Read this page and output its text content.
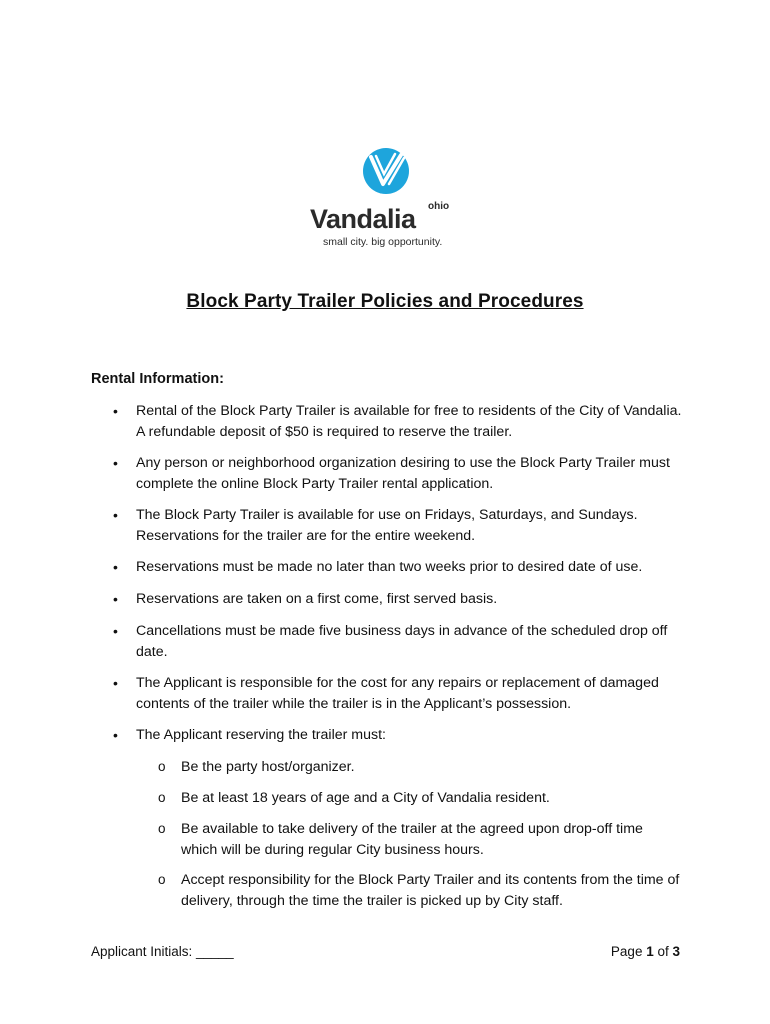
ohio
Vandalia
small city. big opportunity.
Block Party Trailer Policies and Procedures
Rental Information:
• Rental of the Block Party Trailer is available for free to residents of the City of Vandalia.
A refundable deposit of $50 is required to reserve the trailer.
• Any person or neighborhood organization desiring to use the Block Party Trailer must
complete the online Block Party Trailer rental application.
• The Block Party Trailer is available for use on Fridays, Saturdays, and Sundays.
Reservations for the trailer are for the entire weekend.
• Reservations must be made no later than two weeks prior to desired date of use.
• Reservations are taken on a first come, first served basis.
• Cancellations must be made five business days in advance of the scheduled drop off
date.
• The Applicant is responsible for the cost for any repairs or replacement of damaged
contents of the trailer while the trailer is in the Applicant’s possession.
• The Applicant reserving the trailer must:
o Be the party host/organizer.
o Be at least 18 years of age and a City of Vandalia resident.
o Be available to take delivery of the trailer at the agreed upon drop-off time
which will be during regular City business hours.
o Accept responsibility for the Block Party Trailer and its contents from the time of
delivery, through the time the trailer is picked up by City staff.
Applicant Initials: _____	Page 1 of 3
